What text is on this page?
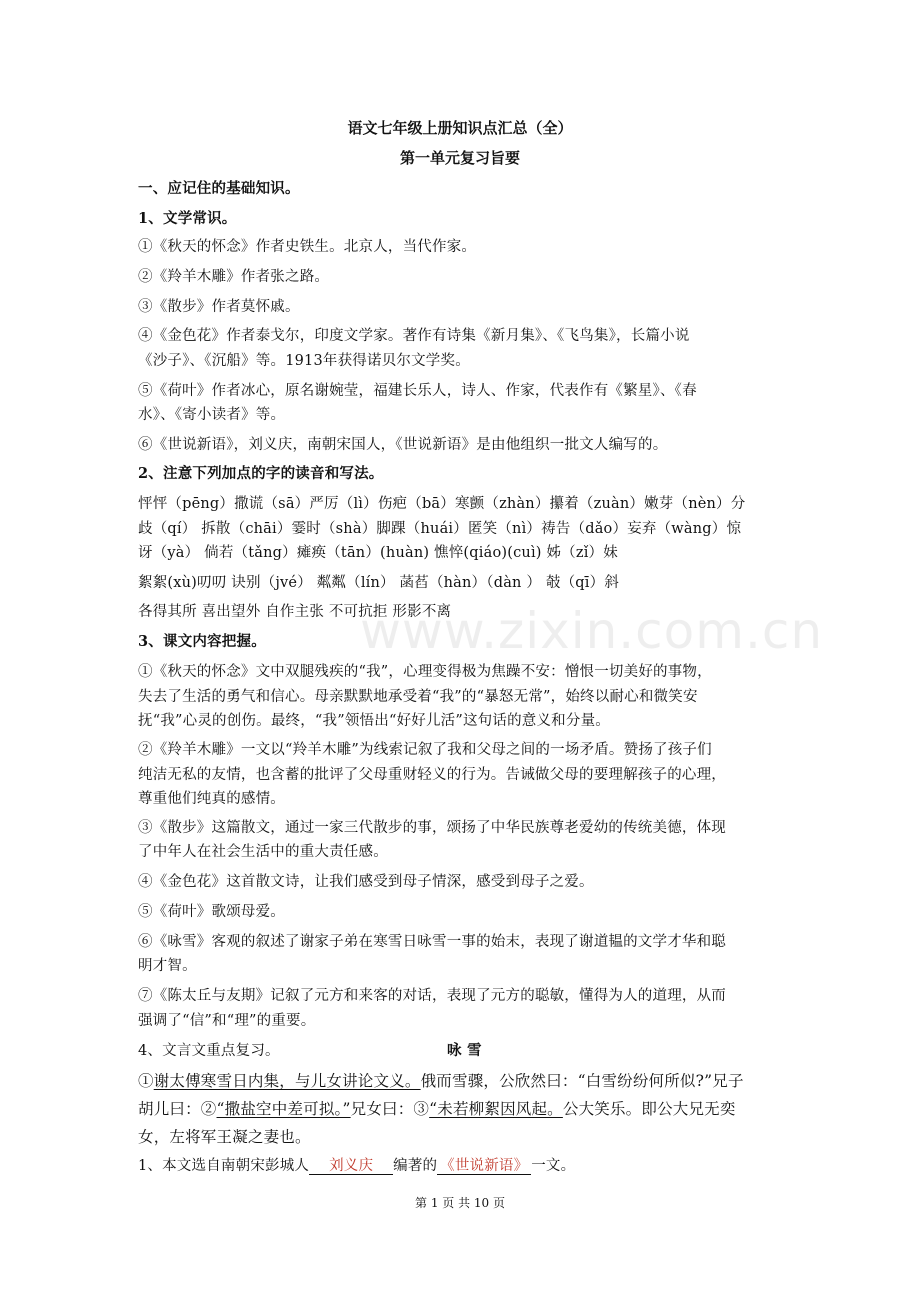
www.zixin.com.cn
语文七年级上册知识点汇总（全）
第一单元复习旨要
一、应记住的基础知识。
1、文学常识。
①《秋天的怀念》作者史铁生。北京人，当代作家。
②《羚羊木雕》作者张之路。
③《散步》作者莫怀戚。
④《金色花》作者泰戈尔，印度文学家。著作有诗集《新月集》、《飞鸟集》，长篇小说
《沙子》、《沉船》等。1913年获得诺贝尔文学奖。
⑤《荷叶》作者冰心，原名谢婉莹，福建长乐人，诗人、作家，代表作有《繁星》、《春
水》、《寄小读者》等。
⑥《世说新语》，刘义庆，南朝宋国人，《世说新语》是由他组织一批文人编写的。
2、注意下列加点的字的读音和写法。
怦怦（pēng）撒谎（sā）严厉（lì）伤疤（bā）寒颤（zhàn）攥着（zuàn）嫩芽（nèn）分
歧（qí） 拆散（chāi）霎时（shà）脚踝（huái）匿笑（nì）祷告（dǎo）妄弃（wàng）惊
讶（yà） 倘若（tǎng）瘫痪（tān）(huàn) 憔悴(qiáo)(cuì) 姊（zǐ）妹
絮絮(xù)叨叨 诀别（jvé） 粼粼（lín） 菡萏（hàn）（dàn ） 攲（qī）斜
各得其所 喜出望外 自作主张 不可抗拒 形影不离
3、课文内容把握。
①《秋天的怀念》文中双腿残疾的“我”，心理变得极为焦躁不安：憎恨一切美好的事物，
失去了生活的勇气和信心。母亲默默地承受着“我”的“暴怒无常”，始终以耐心和微笑安
抚“我”心灵的创伤。最终，“我”领悟出“好好儿活”这句话的意义和分量。
②《羚羊木雕》一文以“羚羊木雕”为线索记叙了我和父母之间的一场矛盾。赞扬了孩子们
纯洁无私的友情，也含蓄的批评了父母重财轻义的行为。告诫做父母的要理解孩子的心理，
尊重他们纯真的感情。
③《散步》这篇散文，通过一家三代散步的事，颂扬了中华民族尊老爱幼的传统美德，体现
了中年人在社会生活中的重大责任感。
④《金色花》这首散文诗，让我们感受到母子情深，感受到母子之爱。
⑤《荷叶》歌颂母爱。
⑥《咏雪》客观的叙述了谢家子弟在寒雪日咏雪一事的始末，表现了谢道韫的文学才华和聪
明才智。
⑦《陈太丘与友期》记叙了元方和来客的对话，表现了元方的聪敏，懂得为人的道理，从而
强调了“信”和“理”的重要。
4、文言文重点复习。	咏 雪
①谢太傅寒雪日内集，与儿女讲论文义。俄而雪骤，公欣然曰：“白雪纷纷何所似?”兄子
胡儿曰：②“撒盐空中差可拟。”兄女曰：③“未若柳絮因风起。公大笑乐。即公大兄无奕
女，左将军王凝之妻也。
1、本文选自南朝宋彭城人 刘义庆 编著的 《世说新语》 一文。
第 1 页 共 10 页
